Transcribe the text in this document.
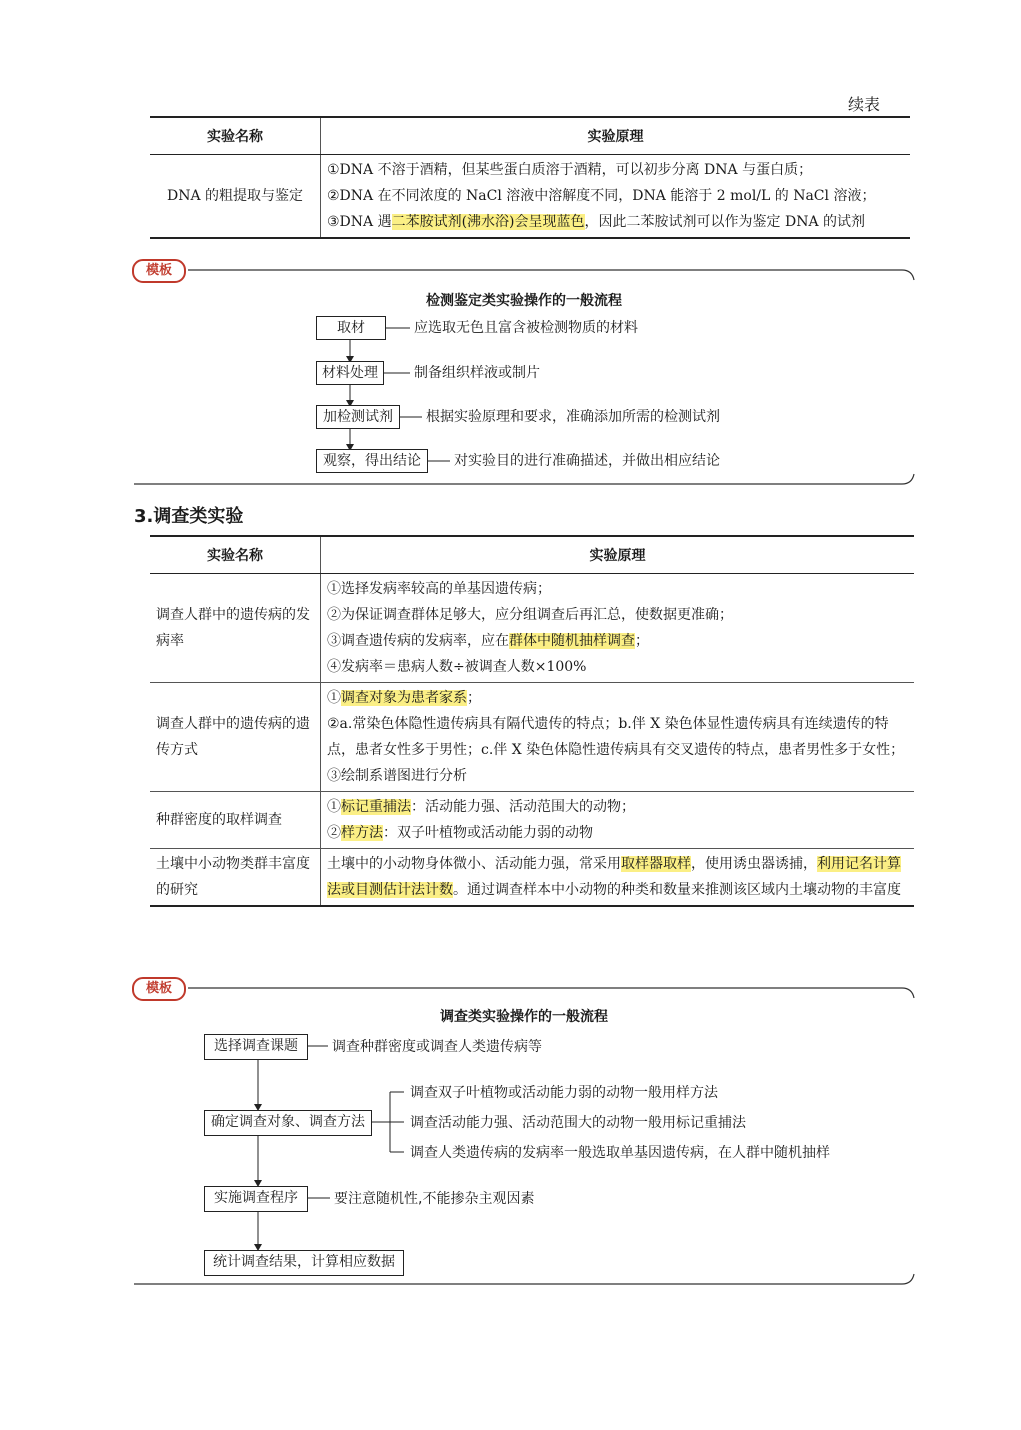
续表
实验名称	实验原理
DNA 的粗提取与鉴定	①DNA 不溶于酒精，但某些蛋白质溶于酒精，可以初步分离 DNA 与蛋白质；
②DNA 在不同浓度的 NaCl 溶液中溶解度不同，DNA 能溶于 2 mol/L 的 NaCl 溶液；
③DNA 遇二苯胺试剂(沸水浴)会呈现蓝色，因此二苯胺试剂可以作为鉴定 DNA 的试剂
模板
检测鉴定类实验操作的一般流程
取材	应选取无色且富含被检测物质的材料
材料处理	制备组织样液或制片
加检测试剂	根据实验原理和要求，准确添加所需的检测试剂
观察，得出结论	对实验目的进行准确描述，并做出相应结论
3.调查类实验
实验名称	实验原理
调查人群中的遗传病的发病率	①选择发病率较高的单基因遗传病；
②为保证调查群体足够大，应分组调查后再汇总，使数据更准确；
③调查遗传病的发病率，应在群体中随机抽样调查；
④发病率＝患病人数÷被调查人数×100%

调查人群中的遗传病的遗传方式	①调查对象为患者家系；
②a.常染色体隐性遗传病具有隔代遗传的特点；b.伴 X 染色体显性遗传病具有连续遗传的特点，患者女性多于男性；c.伴 X 染色体隐性遗传病具有交叉遗传的特点，患者男性多于女性；
③绘制系谱图进行分析

种群密度的取样调查	①标记重捕法：活动能力强、活动范围大的动物；
②样方法：双子叶植物或活动能力弱的动物

土壤中小动物类群丰富度的研究	土壤中的小动物身体微小、活动能力强，常采用取样器取样，使用诱虫器诱捕，利用记名计算法或目测估计法计数。通过调查样本中小动物的种类和数量来推测该区域内土壤动物的丰富度
模板
调查类实验操作的一般流程
选择调查课题	调查种群密度或调查人类遗传病等
确定调查对象、调查方法
调查双子叶植物或活动能力弱的动物一般用样方法
调查活动能力强、活动范围大的动物一般用标记重捕法
调查人类遗传病的发病率一般选取单基因遗传病，在人群中随机抽样
实施调查程序	要注意随机性,不能掺杂主观因素
统计调查结果，计算相应数据
